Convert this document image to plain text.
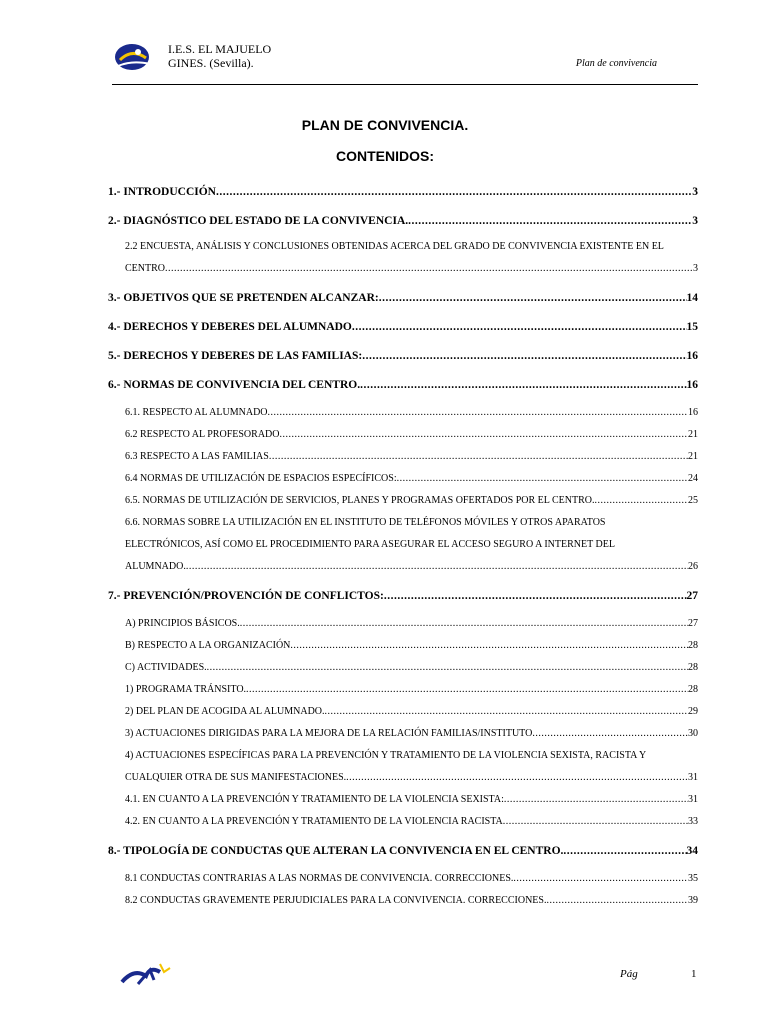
I.E.S. EL MAJUELO
GINES. (Sevilla).	Plan de convivencia
PLAN DE CONVIVENCIA.
CONTENIDOS:
1.- INTRODUCCIÓN .....	3
2.- DIAGNÓSTICO DEL ESTADO DE LA CONVIVENCIA. .....	3
2.2 ENCUESTA, ANÁLISIS Y CONCLUSIONES OBTENIDAS ACERCA DEL GRADO DE CONVIVENCIA EXISTENTE EN EL
CENTRO .....	3
3.- OBJETIVOS QUE SE PRETENDEN ALCANZAR: .....	14
4.- DERECHOS Y DEBERES DEL ALUMNADO .....	15
5.- DERECHOS Y DEBERES DE LAS FAMILIAS: .....	16
6.- NORMAS DE CONVIVENCIA DEL CENTRO. .....	16
6.1. RESPECTO AL ALUMNADO .....	16
6.2 RESPECTO AL PROFESORADO .....	21
6.3 RESPECTO A LAS FAMILIAS .....	21
6.4 NORMAS DE UTILIZACIÓN DE ESPACIOS ESPECÍFICOS: .....	24
6.5. NORMAS DE UTILIZACIÓN DE SERVICIOS, PLANES Y PROGRAMAS OFERTADOS POR EL CENTRO. .....	25
6.6. NORMAS SOBRE LA UTILIZACIÓN EN EL INSTITUTO DE TELÉFONOS MÓVILES Y OTROS APARATOS
ELECTRÓNICOS, ASÍ COMO EL PROCEDIMIENTO PARA ASEGURAR EL ACCESO SEGURO A INTERNET DEL
ALUMNADO. .....	26
7.- PREVENCIÓN/PROVENCIÓN DE CONFLICTOS: .....	27
A) PRINCIPIOS BÁSICOS. .....	27
B) RESPECTO A LA ORGANIZACIÓN .....	28
C) ACTIVIDADES. .....	28
1) PROGRAMA TRÁNSITO. .....	28
2) DEL PLAN DE ACOGIDA AL ALUMNADO. .....	29
3) ACTUACIONES DIRIGIDAS PARA LA MEJORA DE LA RELACIÓN FAMILIAS/INSTITUTO .....	30
4) ACTUACIONES ESPECÍFICAS PARA LA PREVENCIÓN Y TRATAMIENTO DE LA VIOLENCIA SEXISTA, RACISTA Y
CUALQUIER OTRA DE SUS MANIFESTACIONES. .....	31
4.1. EN CUANTO A LA PREVENCIÓN Y TRATAMIENTO DE LA VIOLENCIA SEXISTA: .....	31
4.2. EN CUANTO A LA PREVENCIÓN Y TRATAMIENTO DE LA VIOLENCIA RACISTA .....	33
8.- TIPOLOGÍA DE CONDUCTAS QUE ALTERAN LA CONVIVENCIA EN EL CENTRO. .....	34
8.1 CONDUCTAS CONTRARIAS A LAS NORMAS DE CONVIVENCIA. CORRECCIONES. .....	35
8.2 CONDUCTAS GRAVEMENTE PERJUDICIALES PARA LA CONVIVENCIA. CORRECCIONES. .....	39
Pág	1
